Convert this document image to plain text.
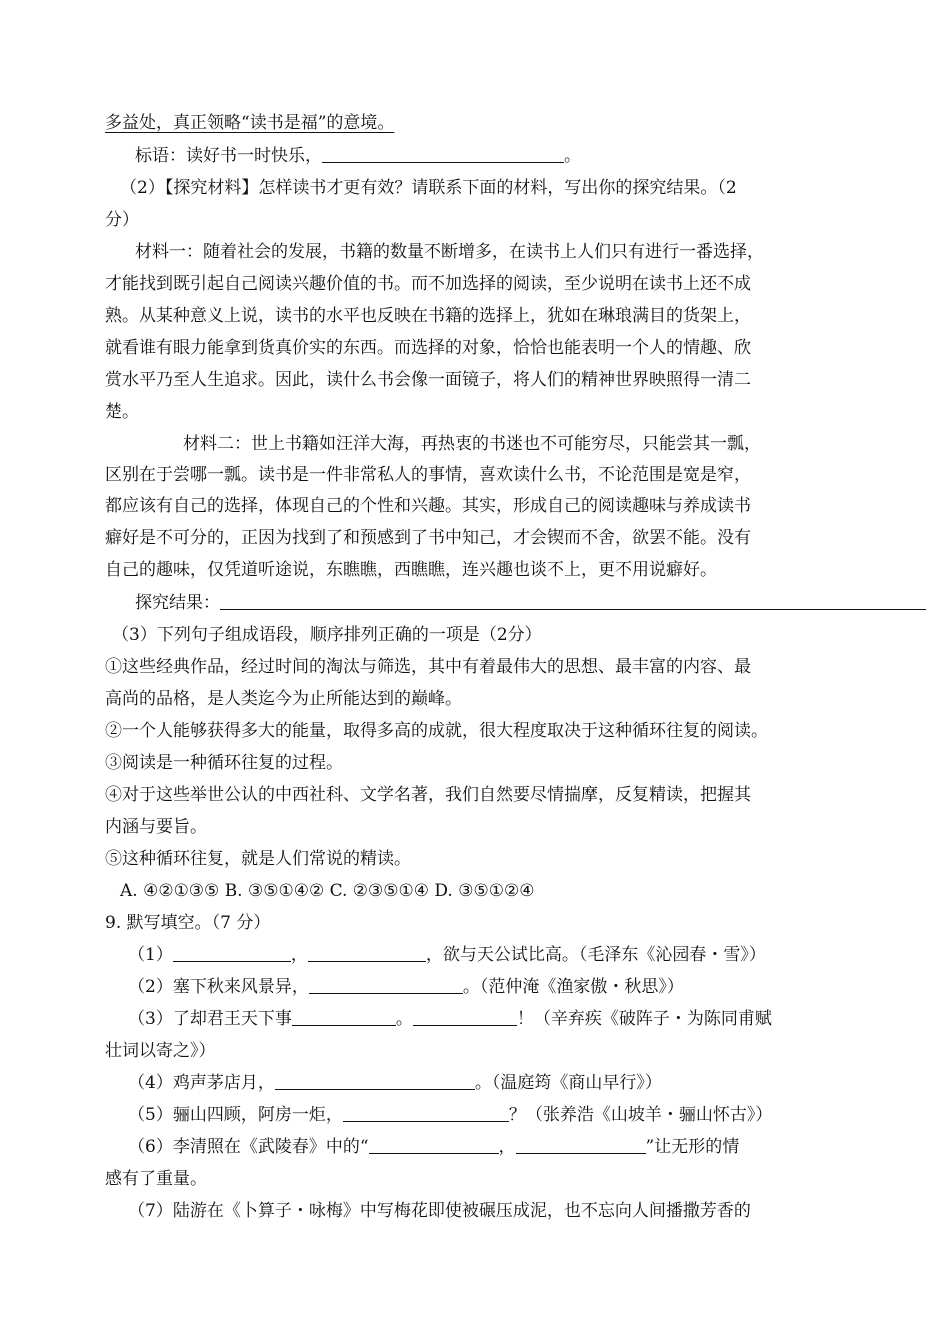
多益处，真正领略“读书是福”的意境。
标语：读好书一时快乐，	。
（2）【探究材料】怎样读书才更有效？请联系下面的材料，写出你的探究结果。（2
分）
材料一：随着社会的发展，书籍的数量不断增多，在读书上人们只有进行一番选择，
才能找到既引起自己阅读兴趣价值的书。而不加选择的阅读，至少说明在读书上还不成
熟。从某种意义上说，读书的水平也反映在书籍的选择上，犹如在琳琅满目的货架上，
就看谁有眼力能拿到货真价实的东西。而选择的对象，恰恰也能表明一个人的情趣、欣
赏水平乃至人生追求。因此，读什么书会像一面镜子，将人们的精神世界映照得一清二
楚。
材料二：世上书籍如汪洋大海，再热衷的书迷也不可能穷尽，只能尝其一瓢，
区别在于尝哪一瓢。读书是一件非常私人的事情，喜欢读什么书，不论范围是宽是窄，
都应该有自己的选择，体现自己的个性和兴趣。其实，形成自己的阅读趣味与养成读书
癖好是不可分的，正因为找到了和预感到了书中知己，才会锲而不舍，欲罢不能。没有
自己的趣味，仅凭道听途说，东瞧瞧，西瞧瞧，连兴趣也谈不上，更不用说癖好。
探究结果：
（3）下列句子组成语段，顺序排列正确的一项是（2分）
①这些经典作品，经过时间的淘汰与筛选，其中有着最伟大的思想、最丰富的内容、最
高尚的品格，是人类迄今为止所能达到的巅峰。
②一个人能够获得多大的能量，取得多高的成就，很大程度取决于这种循环往复的阅读。
③阅读是一种循环往复的过程。
④对于这些举世公认的中西社科、文学名著，我们自然要尽情揣摩，反复精读，把握其
内涵与要旨。
⑤这种循环往复，就是人们常说的精读。
A. ④②①③⑤ B. ③⑤①④② C. ②③⑤①④ D. ③⑤①②④
9. 默写填空。（7 分）
（1）	，	，欲与天公试比高。（毛泽东《沁园春・雪》）
（2）塞下秋来风景异，	。（范仲淹《渔家傲・秋思》）
（3）了却君王天下事	。	！（辛弃疾《破阵子・为陈同甫赋
壮词以寄之》）
（4）鸡声茅店月，	。（温庭筠《商山早行》）
（5）骊山四顾，阿房一炬，	？（张养浩《山坡羊・骊山怀古》）
（6）李清照在《武陵春》中的“	，	”让无形的情
感有了重量。
（7）陆游在《卜算子・咏梅》中写梅花即使被碾压成泥，也不忘向人间播撒芳香的
